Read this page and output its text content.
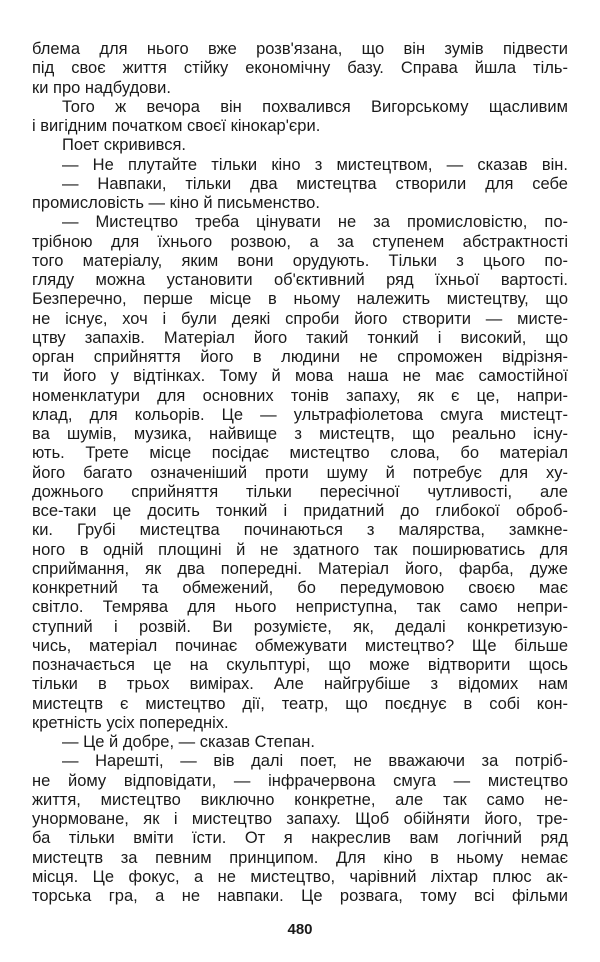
блема для нього вже розв'язана, що він зумів підвести
під своє життя стійку економічну базу. Справа йшла тіль-
ки про надбудови.
Того ж вечора він похвалився Вигорському щасливим
і вигідним початком своєї кінокар'єри.
Поет скривився.
— Не плутайте тільки кіно з мистецтвом, — сказав він.
— Навпаки, тільки два мистецтва створили для себе
промисловість — кіно й письменство.
— Мистецтво треба цінувати не за промисловістю, по-
трібною для їхнього розвою, а за ступенем абстрактності
того матеріалу, яким вони орудують. Тільки з цього по-
гляду можна установити об'єктивний ряд їхньої вартості.
Безперечно, перше місце в ньому належить мистецтву, що
не існує, хоч і були деякі спроби його створити — мисте-
цтву запахів. Матеріал його такий тонкий і високий, що
орган сприйняття його в людини не спроможен відрізня-
ти його у відтінках. Тому й мова наша не має самостійної
номенклатури для основних тонів запаху, як є це, напри-
клад, для кольорів. Це — ультрафіолетова смуга мистецт-
ва шумів, музика, найвище з мистецтв, що реально існу-
ють. Трете місце посідає мистецтво слова, бо матеріал
його багато означеніший проти шуму й потребує для ху-
дожнього сприйняття тільки пересічної чутливості, але
все-таки це досить тонкий і придатний до глибокої оброб-
ки. Грубі мистецтва починаються з малярства, замкне-
ного в одній площині й не здатного так поширюватись для
сприймання, як два попередні. Матеріал його, фарба, дуже
конкретний та обмежений, бо передумовою своєю має
світло. Темрява для нього неприступна, так само непри-
ступний і розвій. Ви розумієте, як, дедалі конкретизую-
чись, матеріал починає обмежувати мистецтво? Ще більше
позначається це на скульптурі, що може відтворити щось
тільки в трьох вимірах. Але найгрубіше з відомих нам
мистецтв є мистецтво дії, театр, що поєднує в собі кон-
кретність усіх попередніх.
— Це й добре, — сказав Степан.
— Нарешті, — вів далі поет, не вважаючи за потріб-
не йому відповідати, — інфрачервона смуга — мистецтво
життя, мистецтво виключно конкретне, але так само не-
унормоване, як і мистецтво запаху. Щоб обійняти його, тре-
ба тільки вміти їсти. От я накреслив вам логічний ряд
мистецтв за певним принципом. Для кіно в ньому немає
місця. Це фокус, а не мистецтво, чарівний ліхтар плюс ак-
торська гра, а не навпаки. Це розвага, тому всі фільми
480
